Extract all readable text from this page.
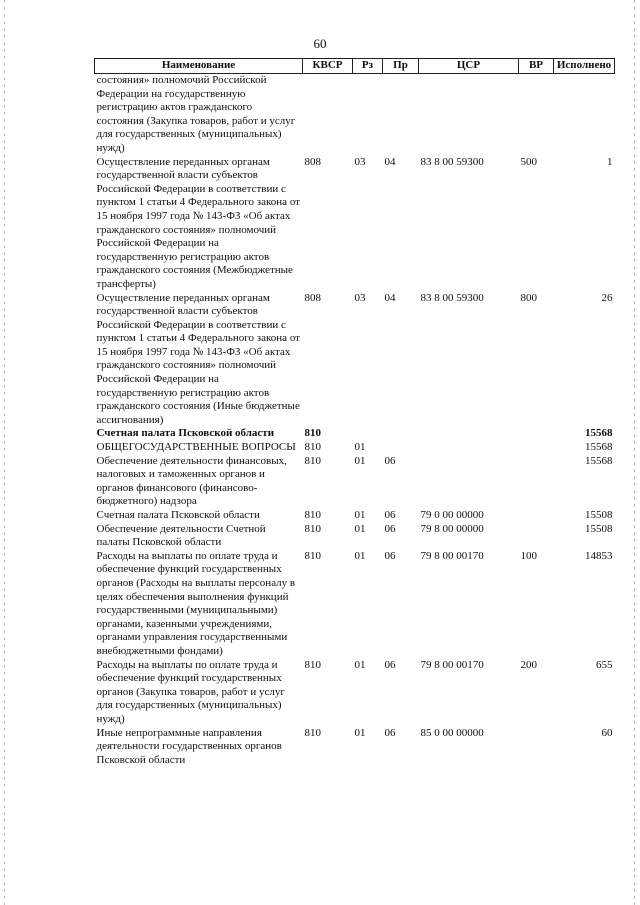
60
Наименование	КВСР	Рз	Пр	ЦСР	ВР	Исполнено
состояния» полномочий Российской Федерации на государственную регистрацию актов гражданского состояния (Закупка товаров, работ и услуг для государственных (муниципальных) нужд)						
Осуществление переданных органам государственной власти субъектов Российской Федерации в соответствии с пунктом 1 статьи 4 Федерального закона от 15 ноября 1997 года № 143-ФЗ «Об актах гражданского состояния» полномочий Российской Федерации на государственную регистрацию актов гражданского состояния (Межбюджетные трансферты)	808	03	04	83 8 00 59300	500	1
Осуществление переданных органам государственной власти субъектов Российской Федерации в соответствии с пунктом 1 статьи 4 Федерального закона от 15 ноября 1997 года № 143-ФЗ «Об актах гражданского состояния» полномочий Российской Федерации на государственную регистрацию актов гражданского состояния (Иные бюджетные ассигнования)	808	03	04	83 8 00 59300	800	26
Счетная палата Псковской области	810					15568
ОБЩЕГОСУДАРСТВЕННЫЕ ВОПРОСЫ	810	01				15568
Обеспечение деятельности финансовых, налоговых и таможенных органов и органов финансового (финансово-бюджетного) надзора	810	01	06			15568
Счетная палата Псковской области	810	01	06	79 0 00 00000		15508
Обеспечение деятельности Счетной палаты Псковской области	810	01	06	79 8 00 00000		15508
Расходы на выплаты по оплате труда и обеспечение функций государственных органов (Расходы на выплаты персоналу в целях обеспечения выполнения функций государственными (муниципальными) органами, казенными учреждениями, органами управления государственными внебюджетными фондами)	810	01	06	79 8 00 00170	100	14853
Расходы на выплаты по оплате труда и обеспечение функций государственных органов (Закупка товаров, работ и услуг для государственных (муниципальных) нужд)	810	01	06	79 8 00 00170	200	655
Иные непрограммные направления деятельности государственных органов Псковской области	810	01	06	85 0 00 00000		60
